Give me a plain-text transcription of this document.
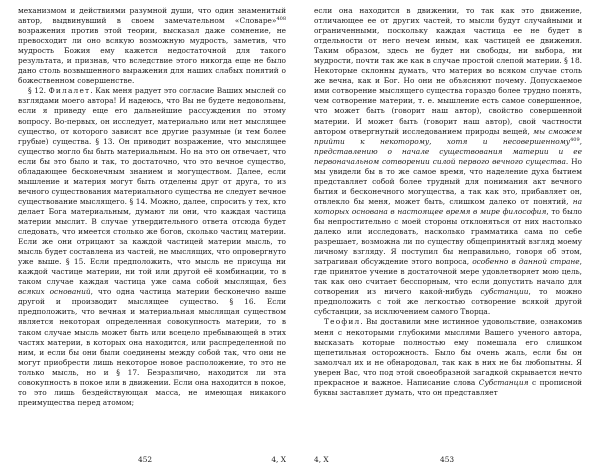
механизмом и действиями разумной души, что один знаменитый автор, выдвинувший в своем замечательном «Словаре»$^{408}$ возражения против этой теории, высказал даже сомнение, не превосходит ли оно всякую возможную мудрость, заметив, что мудрость Божия ему кажется недостаточной для такого результата, и признав, что вследствие этого никогда еще не было дано столь возвышенного выражения для наших слабых понятий о божественном совершенстве.

§ 12. Филалет. Как меня радует это согласие Ваших мыслей со взглядами моего автора! И надеюсь, что Вы не будете недовольны, если я приведу еще его дальнейшие рассуждения по этому вопросу. Во-первых, он исследует, материально или нет мыслящее существо, от которого зависят все другие разумные (и тем более грубые) существа. § 13. Он приводит возражение, что мыслящее существо могло бы быть материальным. Но на это он отвечает, что если бы это было и так, то достаточно, что это вечное существо, обладающее бесконечным знанием и могуществом. Далее, если мышление и материя могут быть отделены друг от друга, то из вечного существования материального существа не следует вечное существование мыслящего. § 14. Можно, далее, спросить у тех, кто делает Бога материальным, думают ли они, что каждая частица материи мыслит. В случае утвердительного ответа отсюда будет следовать, что имеется столько же богов, сколько частиц материи. Если же они отрицают за каждой частицей материи мысль, то мысль будет составлена из частей, не мыслящих, что опровергнуто уже выше. § 15. Если предположить, что мысль не присуща ни каждой частице материи, ни той или другой её комбинации, то в таком случае каждая частица уже сама собой мыслящая, без всяких оснований, что одна частица материи бесконечно выше другой и производит мыслящее существо. § 16. Если предположить, что вечная и материальная мыслящая существом является некоторая определенная совокупность материи, то в таком случае мысль может быть или всецело пребывающей в этих частях материи, в которых она находится, или распределенной по ним, и если бы они были соединены между собой так, что они не могут приобрести лишь некоторое новое расположение, то это не только мысль, но и § 17. Безразлично, находится ли эта совокупность в покое или в движении. Если она находится в покое, то это лишь бездействующая масса, не имеющая никакого преимущества перед атомом;

452	4, X

если она находится в движении, то так как это движение, отличающее ее от других частей, то мысли будут случайными и ограниченными, поскольку каждая частица ее не будет в отдельности от него нечем иным, как частицей ее движения. Таким образом, здесь не будет ни свободы, ни выбора, ни мудрости, почти так же как в случае простой слепой материи. § 18. Некоторые склонны думать, что материя во всяком случае столь же вечна, как и Бог. Но они не объясняют почему. Допускаемое ими сотворение мыслящего существа гораздо более трудно понять, чем сотворение материи, т. е. мышление есть самое совершенное, что может быть (говорит наш автор), свойство совершенной материи. И может быть (говорит наш автор), свой частности автором отвергнутый исследованием природы вещей, мы сможем прийти к некоторому, хотя и несовершенному$^{409}$, представлению о начале существования материи и ее первоначальном сотворении силой первого вечного существа. Но мы увидели бы в то же самое время, что наделение духа бытием представляет собой более трудный для понимания акт вечного бытия и бесконечного могущества, а так как это, прибавляет он, отвлекло бы меня, может быть, слишком далеко от понятий, на которых основана в настоящее время в мире философия, то было бы непростительно с моей стороны отклоняться от них настолько далеко или исследовать, насколько грамматика сама по себе разрешает, возможна ли по существу общепринятый взгляд моему личному взгляду. Я поступил бы неправильно, говоря об этом, затрагивая обсуждение этого вопроса, особенно в данной стране, где принятое учение в достаточной мере удовлетворяет мою цель, так как оно считает бесспорным, что если допустить начало для сотворения из ничего какой-нибудь субстанции, то можно предположить с той же легкостью сотворение всякой другой субстанции, за исключением самого Творца.

Теофил. Вы доставили мне истинное удовольствие, ознакомив меня с некоторыми глубокими мыслями Вашего ученого автора, высказать которые полностью ему помешала его слишком щепетильная осторожность. Было бы очень жаль, если бы он замолчал их и не обнародовал, так как в них не бы любопытны. Я уверен Вас, что под этой своеобразной загадкой скрывается нечто прекрасное и важное. Написание слова Субстанция с прописной буквы заставляет думать, что он представляет

4, X	453
